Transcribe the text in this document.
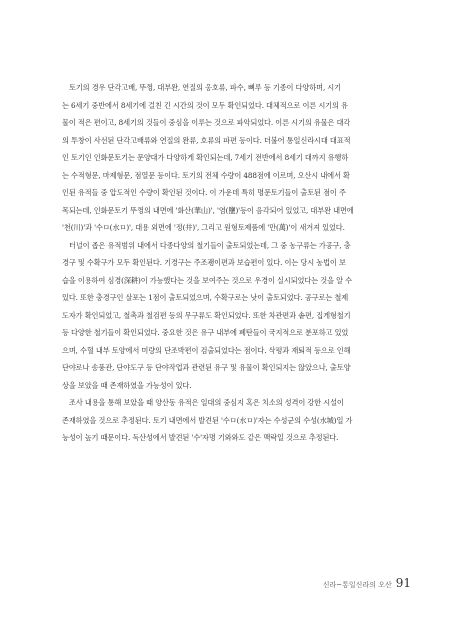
토기의 경우 단각고배, 뚜껑, 대부완, 연질의 옹호류, 파수, 뼈루 등 기종이 다양하며, 시기
는 6세기 중반에서 8세기에 걸친 긴 시간의 것이 모두 확인되었다. 대체적으로 이른 시기의 유
물이 적은 편이고, 8세기의 것들이 중심을 이루는 것으로 파악되었다. 이른 시기의 유물은 대각
의 투창이 사선된 단각고배류와 연질의 완류, 호류의 파편 등이다. 더불어 통일신라시대 대표적
인 토기인 인화문토기는 문양대가 다양하게 확인되는데, 7세기 전반에서 8세기 대까지 유행하
는 수적형문, 마제형문, 점열문 등이다. 토기의 전체 수량이 488점에 이르며, 오산시 내에서 확
인된 유적들 중 압도적인 수량이 확인된 것이다. 이 가운데 특히 명문토기들이 출토된 점이 주
목되는데, 인화문토기 뚜껑의 내면에 '화산(華山)', '염(鹽)'등이 음각되어 있었고, 대부완 내면에
'천(川)'과 '수ㅁ(水ㅁ)', 대용 외면에 '정(井)', 그리고 원형토제품에 '만(萬)'이 새겨져 있었다.
터널이 좁은 유적범위 내에서 다종다양의 철기들이 출토되었는데, 그 중 농구류는 가공구, 충
경구 및 수확구가 모두 확인된다. 기경구는 주조괭이편과 보습편이 있다. 이는 당시 농법이 보
습을 이용하여 심경(深耕)이 가능했다는 것을 보여주는 것으로 우경이 실시되었다는 것을 알 수
있다. 또한 충경구인 살포는 1점이 출토되었으며, 수확구로는 낫이 출토되었다. 공구로는 철제
도자가 확인되었고, 철촉과 철검편 등의 무구류도 확인되었다. 또한 차관편과 솥편, 집게형철기
등 다양한 철기들이 확인되었다. 중요한 것은 유구 내부에 폐탄들이 국지적으로 분포하고 있었
으며, 수혈 내부 토양에서 미량의 단조박편이 검출되었다는 점이다. 삭평과 재퇴적 등으로 인해
단야로나 송풍관, 단야도구 등 단야작업과 관련된 유구 및 유물이 확인되지는 않았으나, 출토양
상을 보았을 때 존재하였을 가능성이 있다.
조사 내용을 통해 보았을 때 양산동 유적은 일대의 중심지 혹은 치소의 성격이 강한 시설이
존재하였을 것으로 추정된다. 토기 내면에서 발견된 '수ㅁ(水ㅁ)'자는 수성군의 수성(水城)일 가
능성이 높기 때문이다. 독산성에서 발견된 '수'자명 기와와도 같은 맥락일 것으로 추정된다.
신라~통일신라의 오산 91
